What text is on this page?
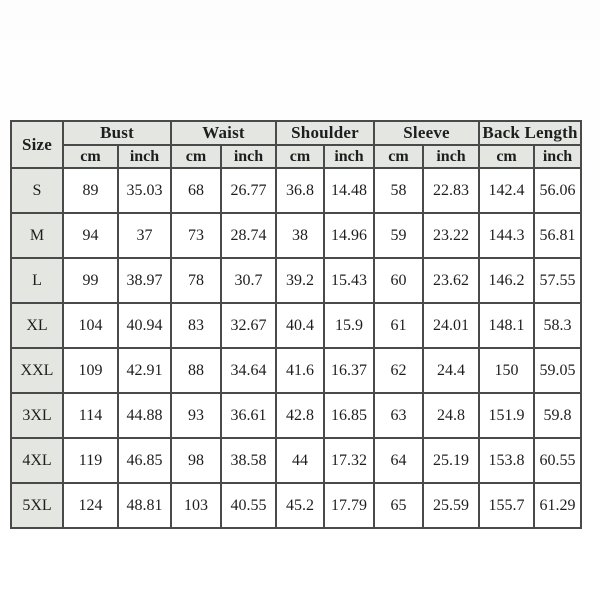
Size	Bust		Waist		Shoulder		Sleeve		Back Length	
	cm	inch	cm	inch	cm	inch	cm	inch	cm	inch
S	89	35.03	68	26.77	36.8	14.48	58	22.83	142.4	56.06
M	94	37	73	28.74	38	14.96	59	23.22	144.3	56.81
L	99	38.97	78	30.7	39.2	15.43	60	23.62	146.2	57.55
XL	104	40.94	83	32.67	40.4	15.9	61	24.01	148.1	58.3
XXL	109	42.91	88	34.64	41.6	16.37	62	24.4	150	59.05
3XL	114	44.88	93	36.61	42.8	16.85	63	24.8	151.9	59.8
4XL	119	46.85	98	38.58	44	17.32	64	25.19	153.8	60.55
5XL	124	48.81	103	40.55	45.2	17.79	65	25.59	155.7	61.29
